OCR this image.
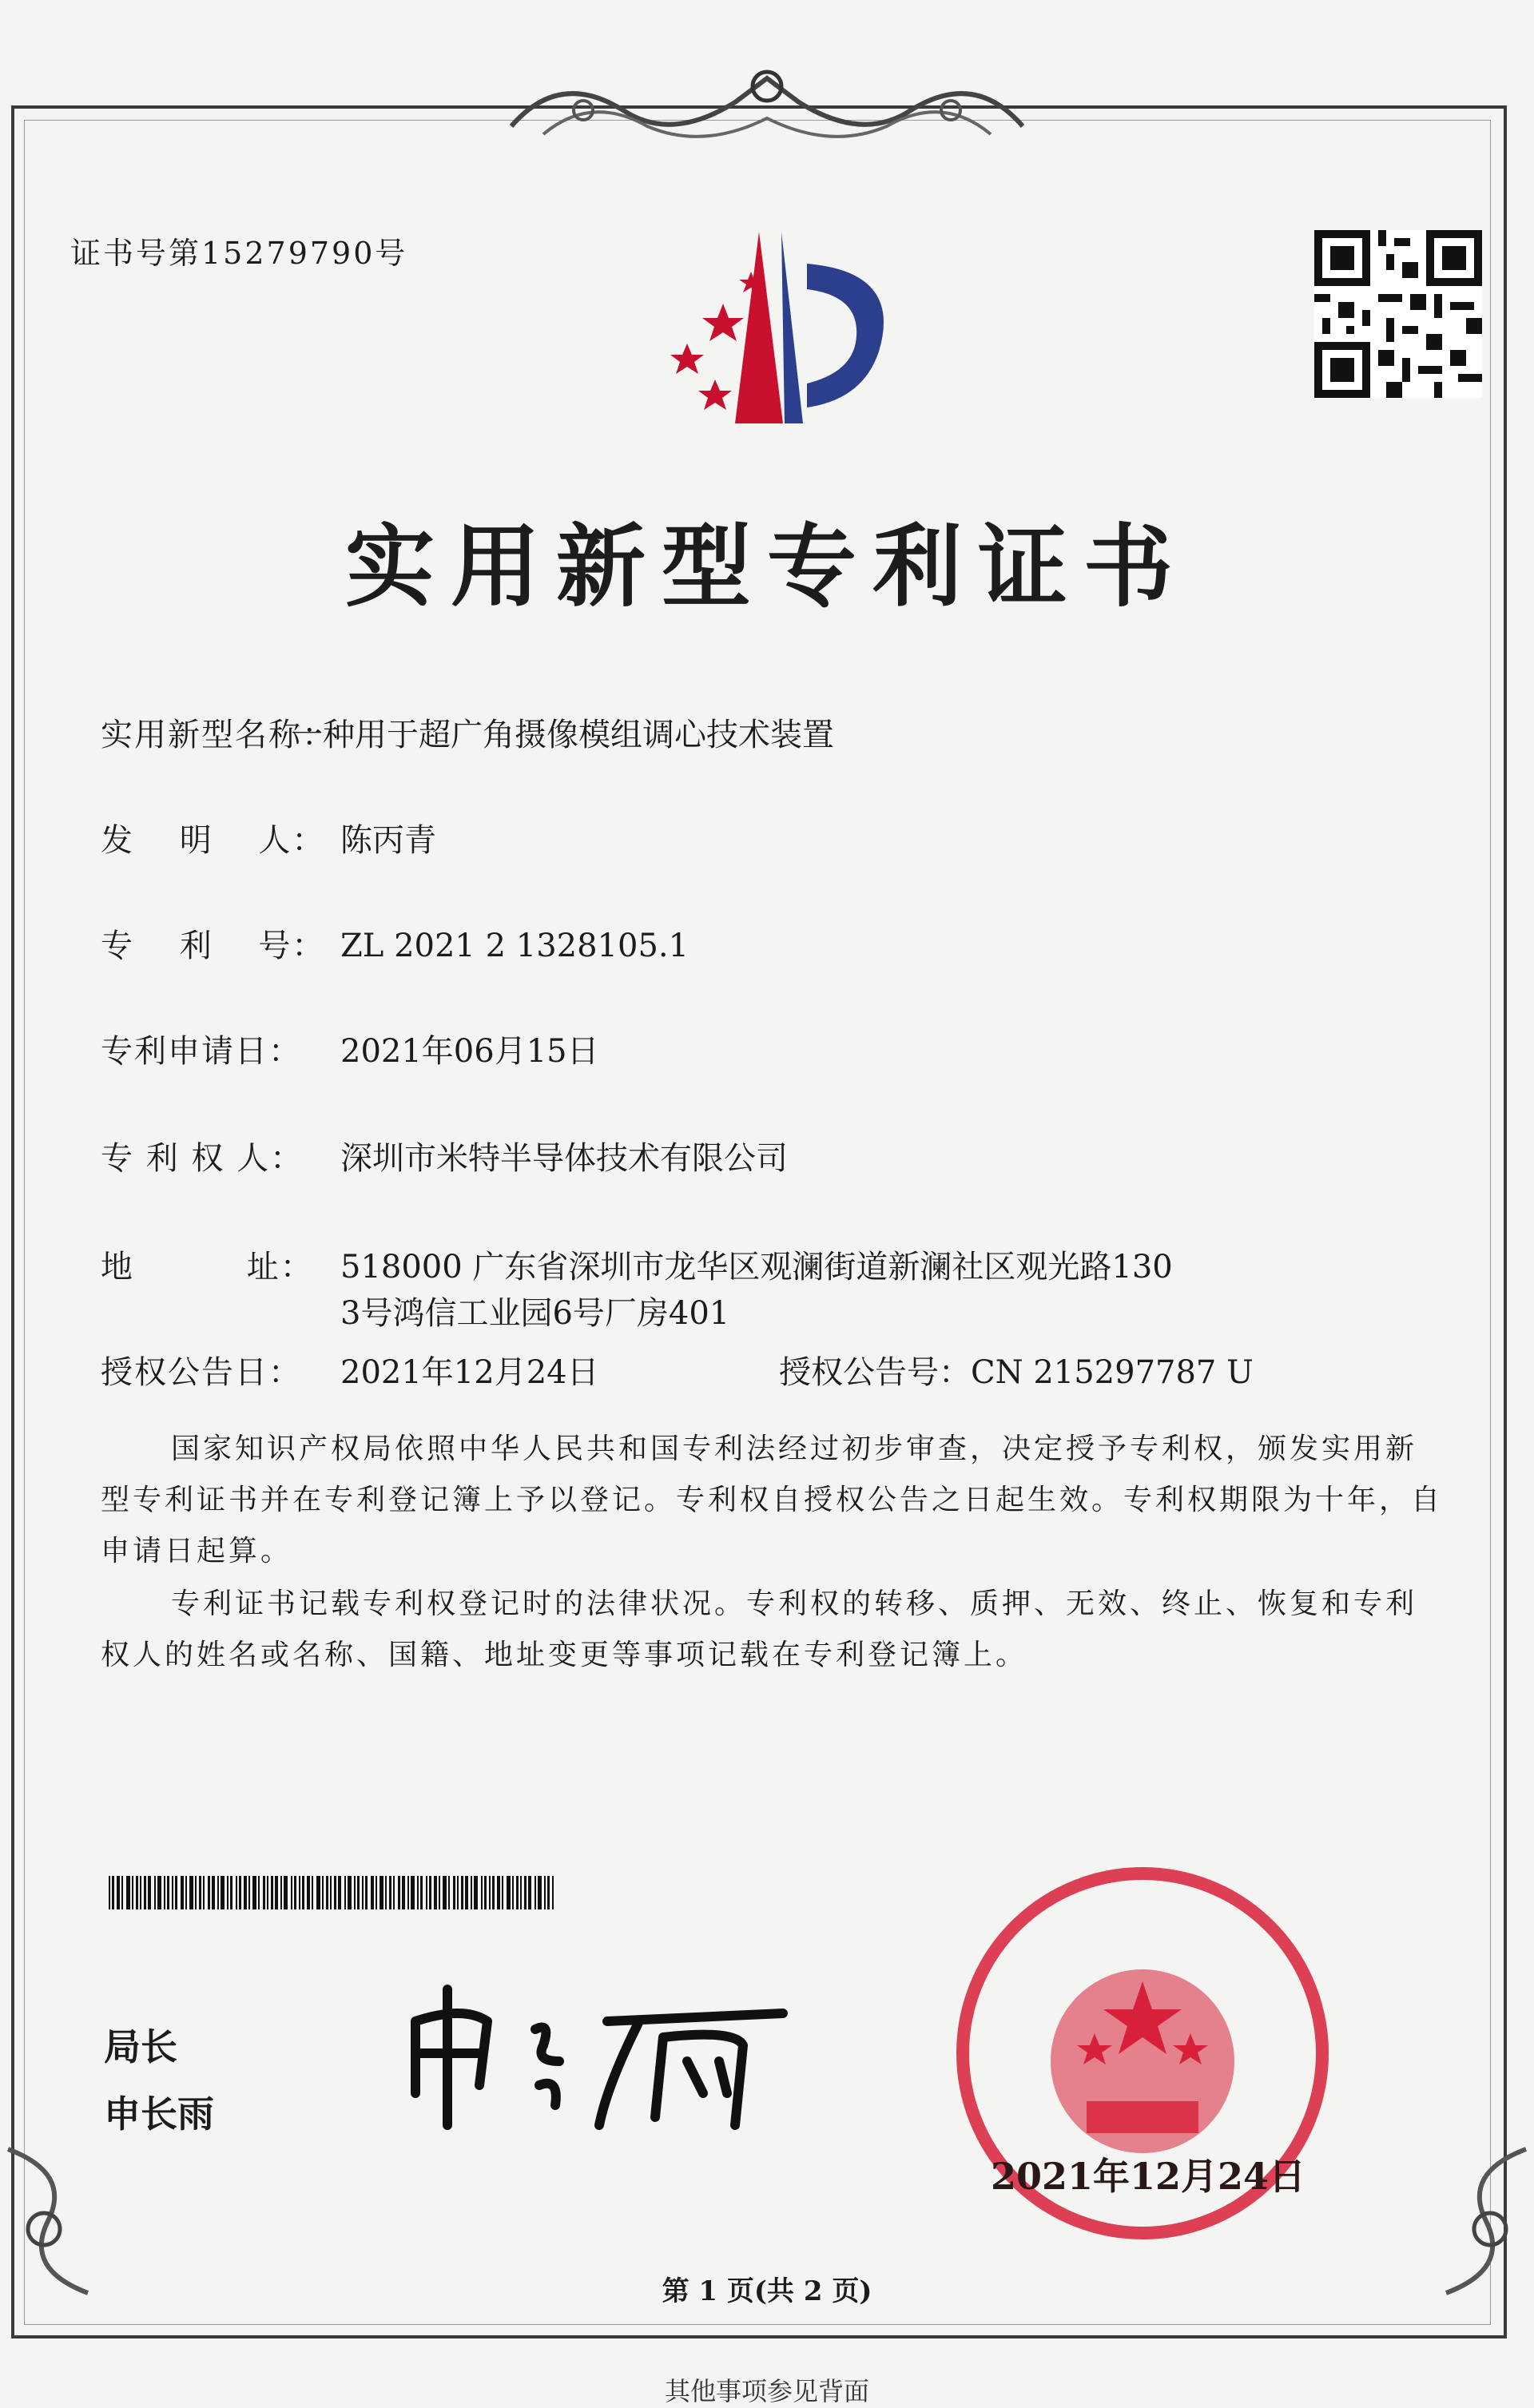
证书号第15279790号
实用新型专利证书
实用新型名称：一种用于超广角摄像模组调心技术装置
发　 明　 人： 陈丙青
专　 利　 号： ZL 2021 2 1328105.1
专利申请日： 2021年06月15日
专 利 权 人： 深圳市米特半导体技术有限公司
地　　　 址： 518000 广东省深圳市龙华区观澜街道新澜社区观光路130
3号鸿信工业园6号厂房401
授权公告日： 2021年12月24日	授权公告号：CN 215297787 U
国家知识产权局依照中华人民共和国专利法经过初步审查，决定授予专利权，颁发实用新型专利证书并在专利登记簿上予以登记。专利权自授权公告之日起生效。专利权期限为十年，自申请日起算。
专利证书记载专利权登记时的法律状况。专利权的转移、质押、无效、终止、恢复和专利权人的姓名或名称、国籍、地址变更等事项记载在专利登记簿上。
局长
申长雨
2021年12月24日
第 1 页(共 2 页)
其他事项参见背面
